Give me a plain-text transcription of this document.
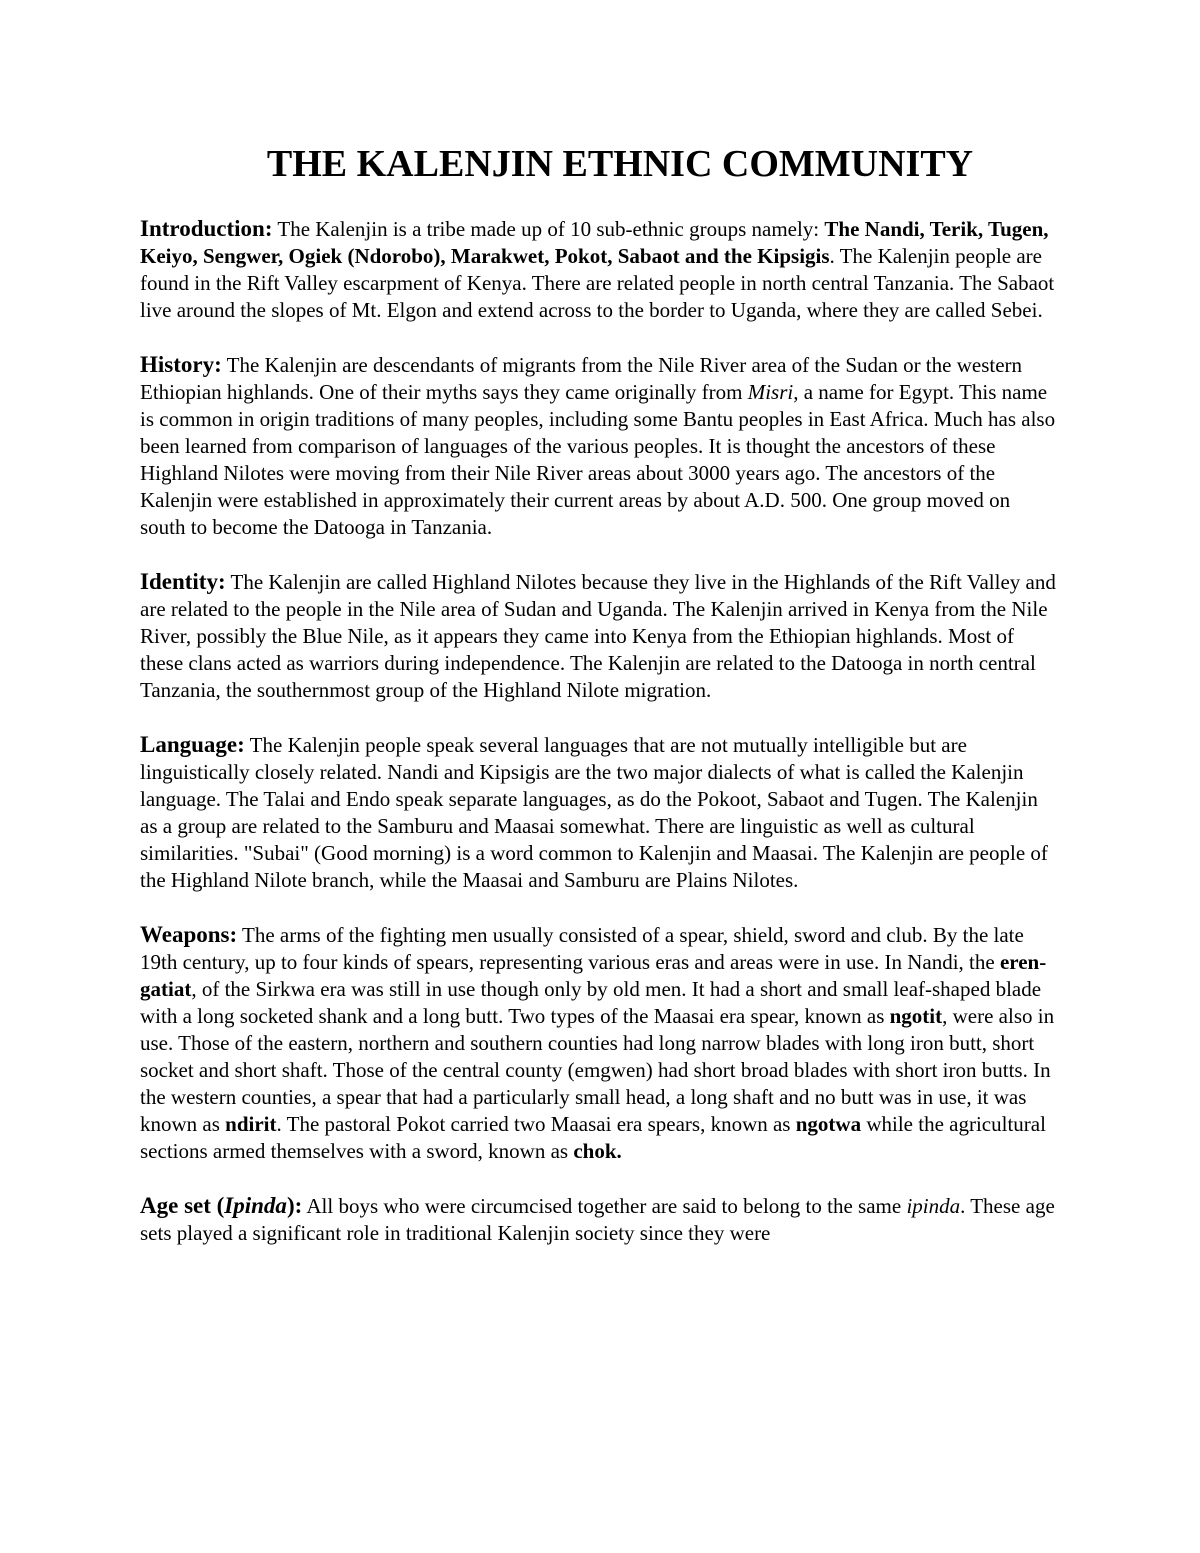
THE KALENJIN ETHNIC COMMUNITY

Introduction: The Kalenjin is a tribe made up of 10 sub-ethnic groups namely: The Nandi, Terik, Tugen, Keiyo, Sengwer, Ogiek (Ndorobo), Marakwet, Pokot, Sabaot and the Kipsigis. The Kalenjin people are found in the Rift Valley escarpment of Kenya. There are related people in north central Tanzania. The Sabaot live around the slopes of Mt. Elgon and extend across to the border to Uganda, where they are called Sebei.

History: The Kalenjin are descendants of migrants from the Nile River area of the Sudan or the western Ethiopian highlands. One of their myths says they came originally from Misri, a name for Egypt. This name is common in origin traditions of many peoples, including some Bantu peoples in East Africa. Much has also been learned from comparison of languages of the various peoples. It is thought the ancestors of these Highland Nilotes were moving from their Nile River areas about 3000 years ago. The ancestors of the Kalenjin were established in approximately their current areas by about A.D. 500. One group moved on south to become the Datooga in Tanzania.

Identity: The Kalenjin are called Highland Nilotes because they live in the Highlands of the Rift Valley and are related to the people in the Nile area of Sudan and Uganda. The Kalenjin arrived in Kenya from the Nile River, possibly the Blue Nile, as it appears they came into Kenya from the Ethiopian highlands. Most of these clans acted as warriors during independence. The Kalenjin are related to the Datooga in north central Tanzania, the southernmost group of the Highland Nilote migration.

Language: The Kalenjin people speak several languages that are not mutually intelligible but are linguistically closely related. Nandi and Kipsigis are the two major dialects of what is called the Kalenjin language. The Talai and Endo speak separate languages, as do the Pokoot, Sabaot and Tugen. The Kalenjin as a group are related to the Samburu and Maasai somewhat. There are linguistic as well as cultural similarities. "Subai" (Good morning) is a word common to Kalenjin and Maasai. The Kalenjin are people of the Highland Nilote branch, while the Maasai and Samburu are Plains Nilotes.

Weapons: The arms of the fighting men usually consisted of a spear, shield, sword and club. By the late 19th century, up to four kinds of spears, representing various eras and areas were in use. In Nandi, the eren-gatiat, of the Sirkwa era was still in use though only by old men. It had a short and small leaf-shaped blade with a long socketed shank and a long butt. Two types of the Maasai era spear, known as ngotit, were also in use. Those of the eastern, northern and southern counties had long narrow blades with long iron butt, short socket and short shaft. Those of the central county (emgwen) had short broad blades with short iron butts. In the western counties, a spear that had a particularly small head, a long shaft and no butt was in use, it was known as ndirit. The pastoral Pokot carried two Maasai era spears, known as ngotwa while the agricultural sections armed themselves with a sword, known as chok.

Age set (Ipinda): All boys who were circumcised together are said to belong to the same ipinda. These age sets played a significant role in traditional Kalenjin society since they were
